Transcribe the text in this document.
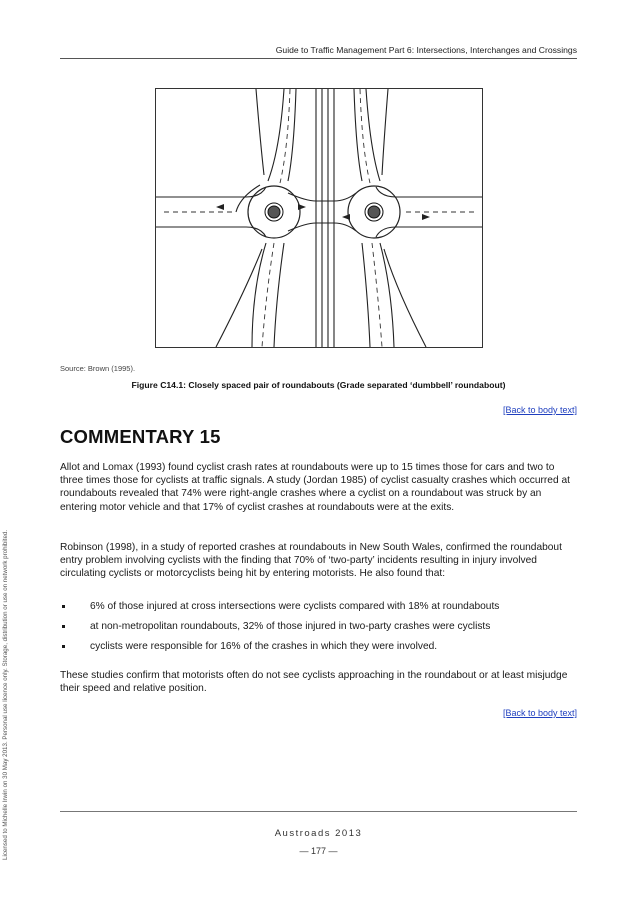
Guide to Traffic Management Part 6: Intersections, Interchanges and Crossings
Source: Brown (1995).
Figure C14.1: Closely spaced pair of roundabouts (Grade separated ‘dumbbell’ roundabout)
[Back to body text]
COMMENTARY 15

Allot and Lomax (1993) found cyclist crash rates at roundabouts were up to 15 times those for cars and two to three times those for cyclists at traffic signals. A study (Jordan 1985) of cyclist casualty crashes which occurred at roundabouts revealed that 74% were right-angle crashes where a cyclist on a roundabout was struck by an entering motor vehicle and that 17% of cyclist crashes at roundabouts were at the exits.

Robinson (1998), in a study of reported crashes at roundabouts in New South Wales, confirmed the roundabout entry problem involving cyclists with the finding that 70% of ‘two-party’ incidents resulting in injury involved circulating cyclists or motorcyclists being hit by entering motorists. He also found that:

6% of those injured at cross intersections were cyclists compared with 18% at roundabouts
at non-metropolitan roundabouts, 32% of those injured in two-party crashes were cyclists
cyclists were responsible for 16% of the crashes in which they were involved.

These studies confirm that motorists often do not see cyclists approaching in the roundabout or at least misjudge their speed and relative position.

[Back to body text]
Licensed to Michelle Irwin on 30 May 2013. Personal use licence only. Storage, distribution or use on network prohibited.	Austroads 2013
— 177 —
